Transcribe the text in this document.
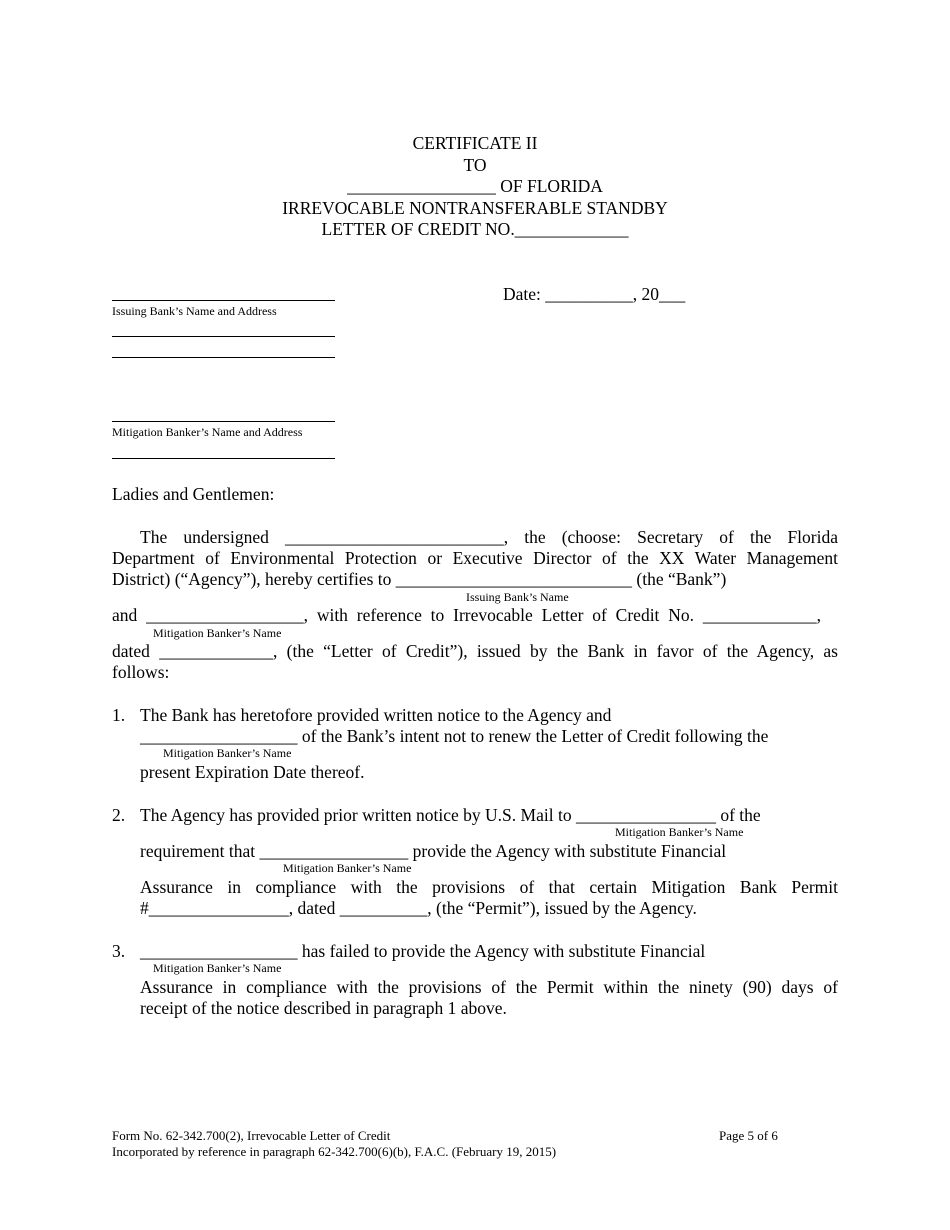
CERTIFICATE II
TO
_________________ OF FLORIDA
IRREVOCABLE NONTRANSFERABLE STANDBY
LETTER OF CREDIT NO._____________
Date: __________, 20___
Issuing Bank’s Name and Address
Mitigation Banker’s Name and Address
Ladies and Gentlemen:
The undersigned _________________________, the (choose: Secretary of the Florida
Department of Environmental Protection or Executive Director of the XX Water Management
District) (“Agency”), hereby certifies to ___________________________ (the “Bank”)
Issuing Bank’s Name
and __________________, with reference to Irrevocable Letter of Credit No. _____________,
Mitigation Banker’s Name
dated _____________, (the “Letter of Credit”), issued by the Bank in favor of the Agency, as
follows:
1. The Bank has heretofore provided written notice to the Agency and
__________________ of the Bank’s intent not to renew the Letter of Credit following the
Mitigation Banker’s Name
present Expiration Date thereof.
2. The Agency has provided prior written notice by U.S. Mail to ________________ of the
Mitigation Banker’s Name
requirement that _________________ provide the Agency with substitute Financial
Mitigation Banker’s Name
Assurance in compliance with the provisions of that certain Mitigation Bank Permit
#________________, dated __________, (the “Permit”), issued by the Agency.
3. __________________ has failed to provide the Agency with substitute Financial
Mitigation Banker’s Name
Assurance in compliance with the provisions of the Permit within the ninety (90) days of
receipt of the notice described in paragraph 1 above.
Form No. 62-342.700(2), Irrevocable Letter of Credit
Incorporated by reference in paragraph 62-342.700(6)(b), F.A.C. (February 19, 2015)
Page 5 of 6
